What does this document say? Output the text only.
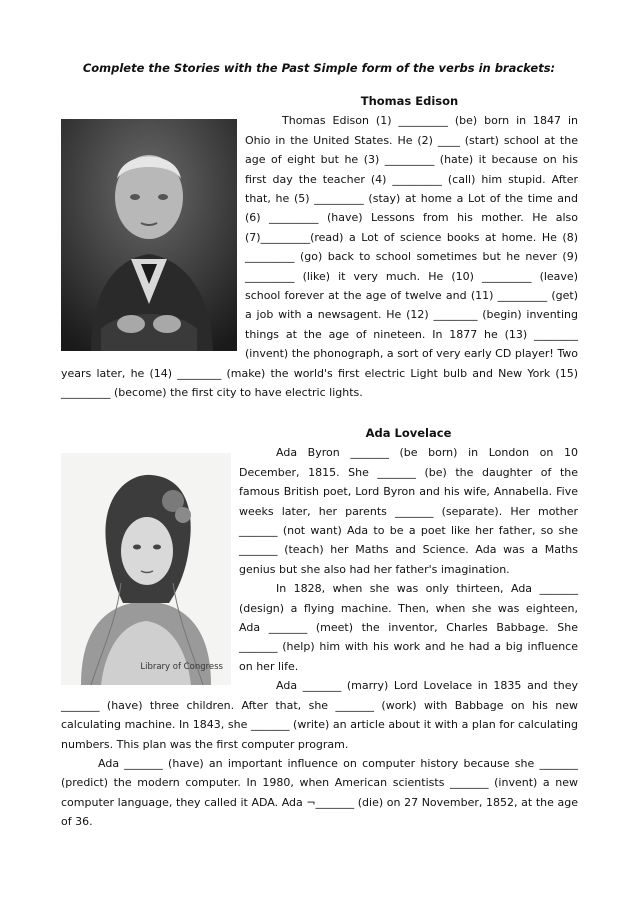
Complete the Stories with the Past Simple form of the verbs in brackets:

Thomas Edison

Thomas Edison (1) _________ (be) born in 1847 in Ohio in the United States. He (2) ____ (start) school at the age of eight but he (3) _________ (hate) it because on his first day the teacher (4) _________ (call) him stupid. After that, he (5) _________ (stay) at home a Lot of the time and (6) _________ (have) Lessons from his mother. He also (7)_________(read) a Lot of science books at home. He (8) _________ (go) back to school sometimes but he never (9) _________ (like) it very much. He (10) _________ (leave) school forever at the age of twelve and (11) _________ (get) a job with a newsagent. He (12) ________ (begin) inventing things at the age of nineteen. In 1877 he (13) ________ (invent) the phonograph, a sort of very early CD player! Two years later, he (14) ________ (make) the world's first electric Light bulb and New York (15) _________ (become) the first city to have electric lights.

Ada Lovelace
Library of Congress

Ada Byron _______ (be born) in London on 10 December, 1815. She _______ (be) the daughter of the famous British poet, Lord Byron and his wife, Annabella. Five weeks later, her parents _______ (separate). Her mother _______ (not want) Ada to be a poet like her father, so she _______ (teach) her Maths and Science. Ada was a Maths genius but she also had her father's imagination.

In 1828, when she was only thirteen, Ada _______ (design) a flying machine. Then, when she was eighteen, Ada _______ (meet) the inventor, Charles Babbage. She _______ (help) him with his work and he had a big influence on her life.

Ada _______ (marry) Lord Lovelace in 1835 and they _______ (have) three children. After that, she _______ (work) with Babbage on his new calculating machine. In 1843, she _______ (write) an article about it with a plan for calculating numbers. This plan was the first computer program.

Ada _______ (have) an important influence on computer history because she _______ (predict) the modern computer. In 1980, when American scientists _______ (invent) a new computer language, they called it ADA. Ada ¬_______ (die) on 27 November, 1852, at the age of 36.
